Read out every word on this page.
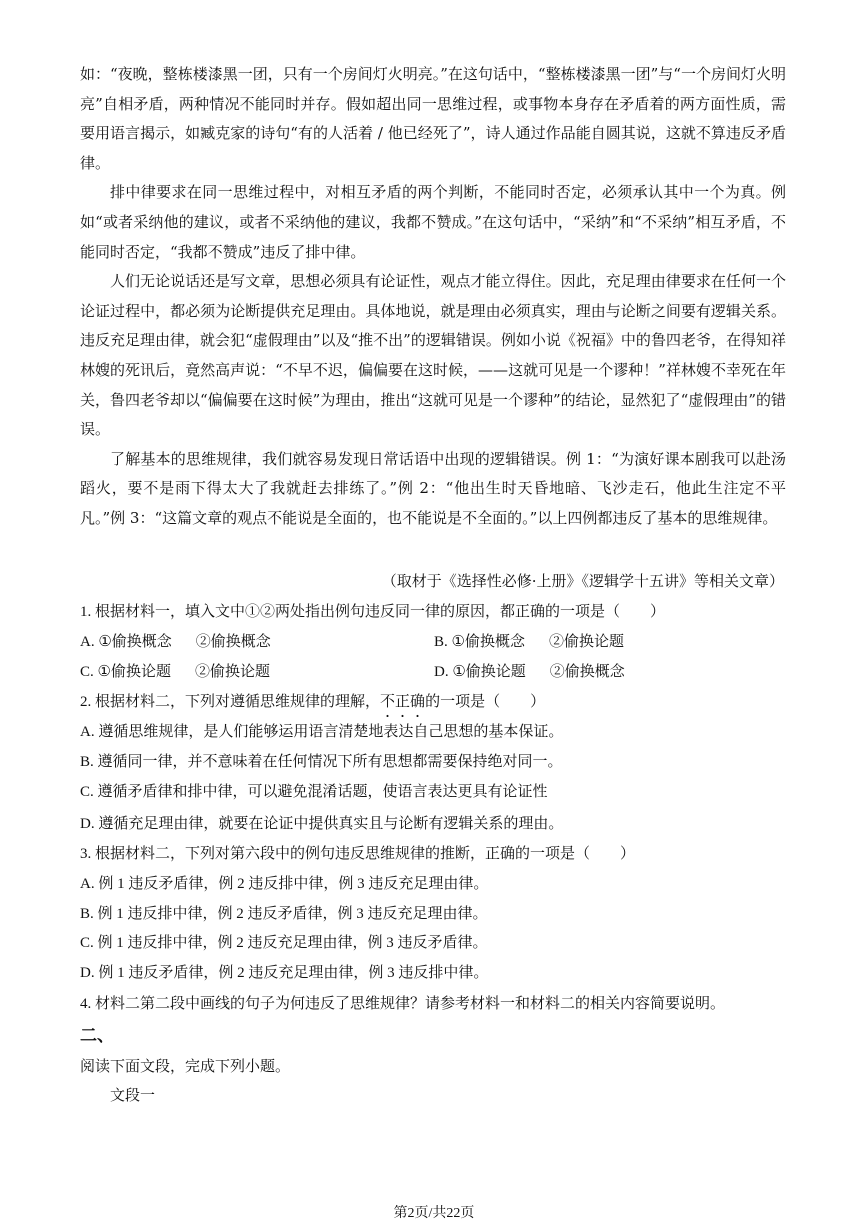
如：“夜晚，整栋楼漆黑一团，只有一个房间灯火明亮。”在这句话中，“整栋楼漆黑一团”与“一个房间灯火明亮”自相矛盾，两种情况不能同时并存。假如超出同一思维过程，或事物本身存在矛盾着的两方面性质，需要用语言揭示，如臧克家的诗句“有的人活着 / 他已经死了”，诗人通过作品能自圆其说，这就不算违反矛盾律。

排中律要求在同一思维过程中，对相互矛盾的两个判断，不能同时否定，必须承认其中一个为真。例如“或者采纳他的建议，或者不采纳他的建议，我都不赞成。”在这句话中，“采纳”和“不采纳”相互矛盾，不能同时否定，“我都不赞成”违反了排中律。

人们无论说话还是写文章，思想必须具有论证性，观点才能立得住。因此，充足理由律要求在任何一个论证过程中，都必须为论断提供充足理由。具体地说，就是理由必须真实，理由与论断之间要有逻辑关系。违反充足理由律，就会犯“虚假理由”以及“推不出”的逻辑错误。例如小说《祝福》中的鲁四老爷，在得知祥林嫂的死讯后，竟然高声说：“不早不迟，偏偏要在这时候，——这就可见是一个谬种！”祥林嫂不幸死在年关，鲁四老爷却以“偏偏要在这时候”为理由，推出“这就可见是一个谬种”的结论，显然犯了“虚假理由”的错误。

了解基本的思维规律，我们就容易发现日常话语中出现的逻辑错误。例 1：“为演好课本剧我可以赴汤蹈火，要不是雨下得太大了我就赶去排练了。”例 2：“他出生时天昏地暗、飞沙走石，他此生注定不平凡。”例 3：“这篇文章的观点不能说是全面的，也不能说是不全面的。”以上四例都违反了基本的思维规律。

（取材于《选择性必修·上册》《逻辑学十五讲》等相关文章）
1. 根据材料一，填入文中①②两处指出例句违反同一律的原因，都正确的一项是（　　）
A. ①偷换概念 ②偷换概念	B. ①偷换概念 ②偷换论题
C. ①偷换论题 ②偷换论题	D. ①偷换论题 ②偷换概念
2. 根据材料二，下列对遵循思维规律的理解，不正确的一项是（　　）
A. 遵循思维规律，是人们能够运用语言清楚地表达自己思想的基本保证。
B. 遵循同一律，并不意味着在任何情况下所有思想都需要保持绝对同一。
C. 遵循矛盾律和排中律，可以避免混淆话题，使语言表达更具有论证性
D. 遵循充足理由律，就要在论证中提供真实且与论断有逻辑关系的理由。
3. 根据材料二，下列对第六段中的例句违反思维规律的推断，正确的一项是（　　）
A. 例 1 违反矛盾律，例 2 违反排中律，例 3 违反充足理由律。
B. 例 1 违反排中律，例 2 违反矛盾律，例 3 违反充足理由律。
C. 例 1 违反排中律，例 2 违反充足理由律，例 3 违反矛盾律。
D. 例 1 违反矛盾律，例 2 违反充足理由律，例 3 违反排中律。
4. 材料二第二段中画线的句子为何违反了思维规律？请参考材料一和材料二的相关内容简要说明。
二、
阅读下面文段，完成下列小题。
文段一
第2页/共22页
